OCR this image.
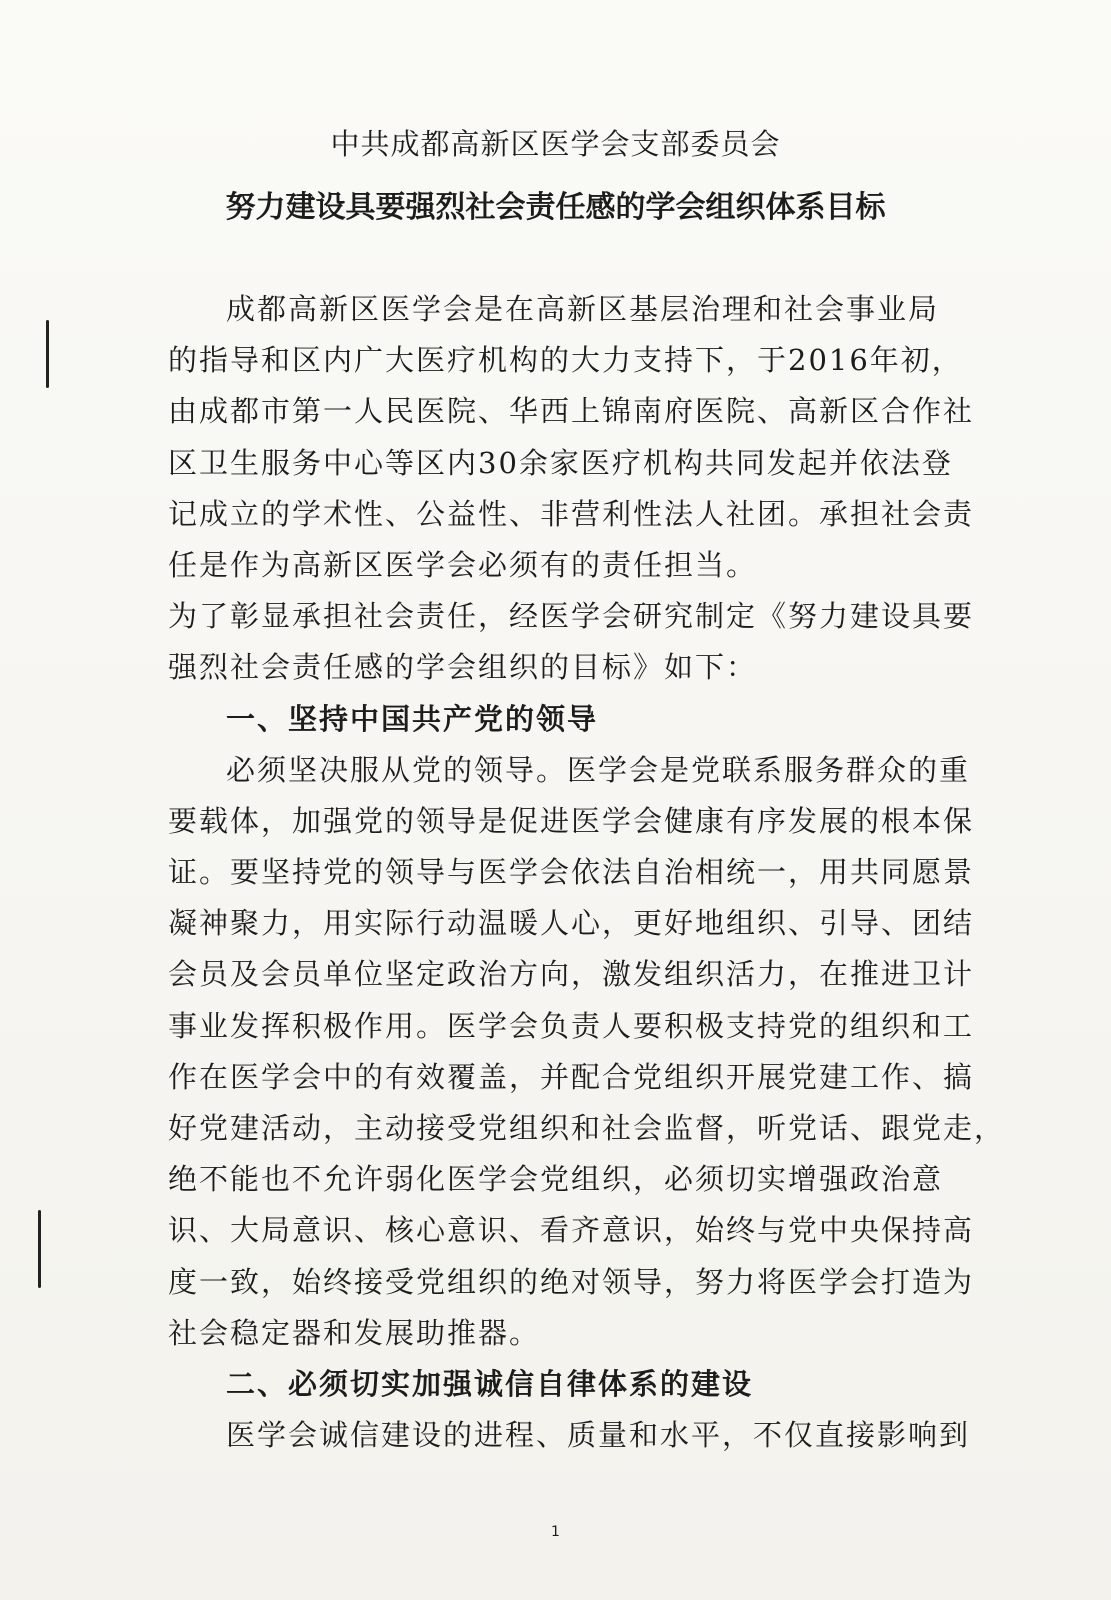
中共成都高新区医学会支部委员会
努力建设具要强烈社会责任感的学会组织体系目标
成都高新区医学会是在高新区基层治理和社会事业局
的指导和区内广大医疗机构的大力支持下，于2016年初，
由成都市第一人民医院、华西上锦南府医院、高新区合作社
区卫生服务中心等区内30余家医疗机构共同发起并依法登
记成立的学术性、公益性、非营利性法人社团。承担社会责
任是作为高新区医学会必须有的责任担当。
为了彰显承担社会责任，经医学会研究制定《努力建设具要
强烈社会责任感的学会组织的目标》如下：
一、坚持中国共产党的领导
必须坚决服从党的领导。医学会是党联系服务群众的重
要载体，加强党的领导是促进医学会健康有序发展的根本保
证。要坚持党的领导与医学会依法自治相统一，用共同愿景
凝神聚力，用实际行动温暖人心，更好地组织、引导、团结
会员及会员单位坚定政治方向，激发组织活力，在推进卫计
事业发挥积极作用。医学会负责人要积极支持党的组织和工
作在医学会中的有效覆盖，并配合党组织开展党建工作、搞
好党建活动，主动接受党组织和社会监督，听党话、跟党走，
绝不能也不允许弱化医学会党组织，必须切实增强政治意
识、大局意识、核心意识、看齐意识，始终与党中央保持高
度一致，始终接受党组织的绝对领导，努力将医学会打造为
社会稳定器和发展助推器。
二、必须切实加强诚信自律体系的建设
医学会诚信建设的进程、质量和水平，不仅直接影响到
1
